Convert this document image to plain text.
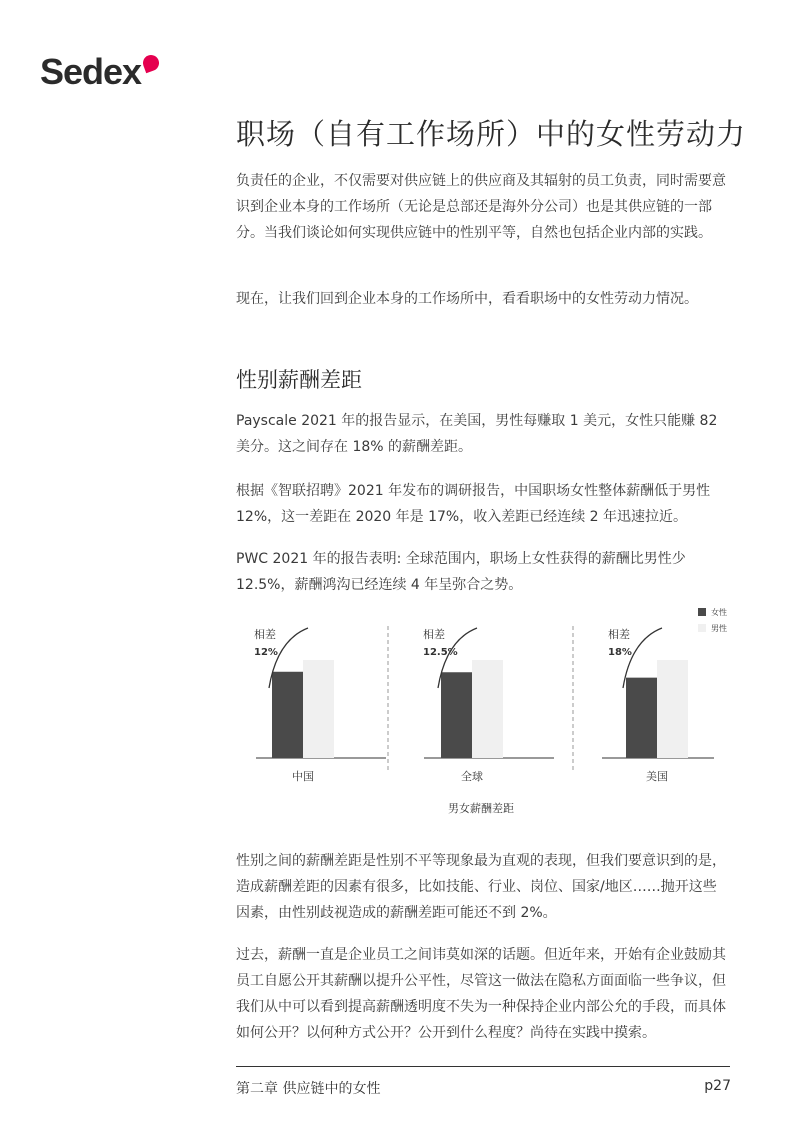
Sedex
职场（自有工作场所）中的女性劳动力

负责任的企业，不仅需要对供应链上的供应商及其辐射的员工负责，同时需要意识到企业本身的工作场所（无论是总部还是海外分公司）也是其供应链的一部分。当我们谈论如何实现供应链中的性别平等，自然也包括企业内部的实践。

现在，让我们回到企业本身的工作场所中，看看职场中的女性劳动力情况。

性别薪酬差距

Payscale 2021 年的报告显示，在美国，男性每赚取 1 美元，女性只能赚 82 美分。这之间存在 18% 的薪酬差距。

根据《智联招聘》2021 年发布的调研报告，中国职场女性整体薪酬低于男性 12%，这一差距在 2020 年是 17%，收入差距已经连续 2 年迅速拉近。

PWC 2021 年的报告表明: 全球范围内，职场上女性获得的薪酬比男性少 12.5%，薪酬鸿沟已经连续 4 年呈弥合之势。

中国
相差
12%
全球
相差
12.5%
美国
相差
18%
女性
男性
男女薪酬差距

性别之间的薪酬差距是性别不平等现象最为直观的表现，但我们要意识到的是，造成薪酬差距的因素有很多，比如技能、行业、岗位、国家/地区……抛开这些因素，由性别歧视造成的薪酬差距可能还不到 2%。

过去，薪酬一直是企业员工之间讳莫如深的话题。但近年来，开始有企业鼓励其员工自愿公开其薪酬以提升公平性，尽管这一做法在隐私方面面临一些争议，但我们从中可以看到提高薪酬透明度不失为一种保持企业内部公允的手段，而具体如何公开？以何种方式公开？公开到什么程度？尚待在实践中摸索。

第二章 供应链中的女性	p27
